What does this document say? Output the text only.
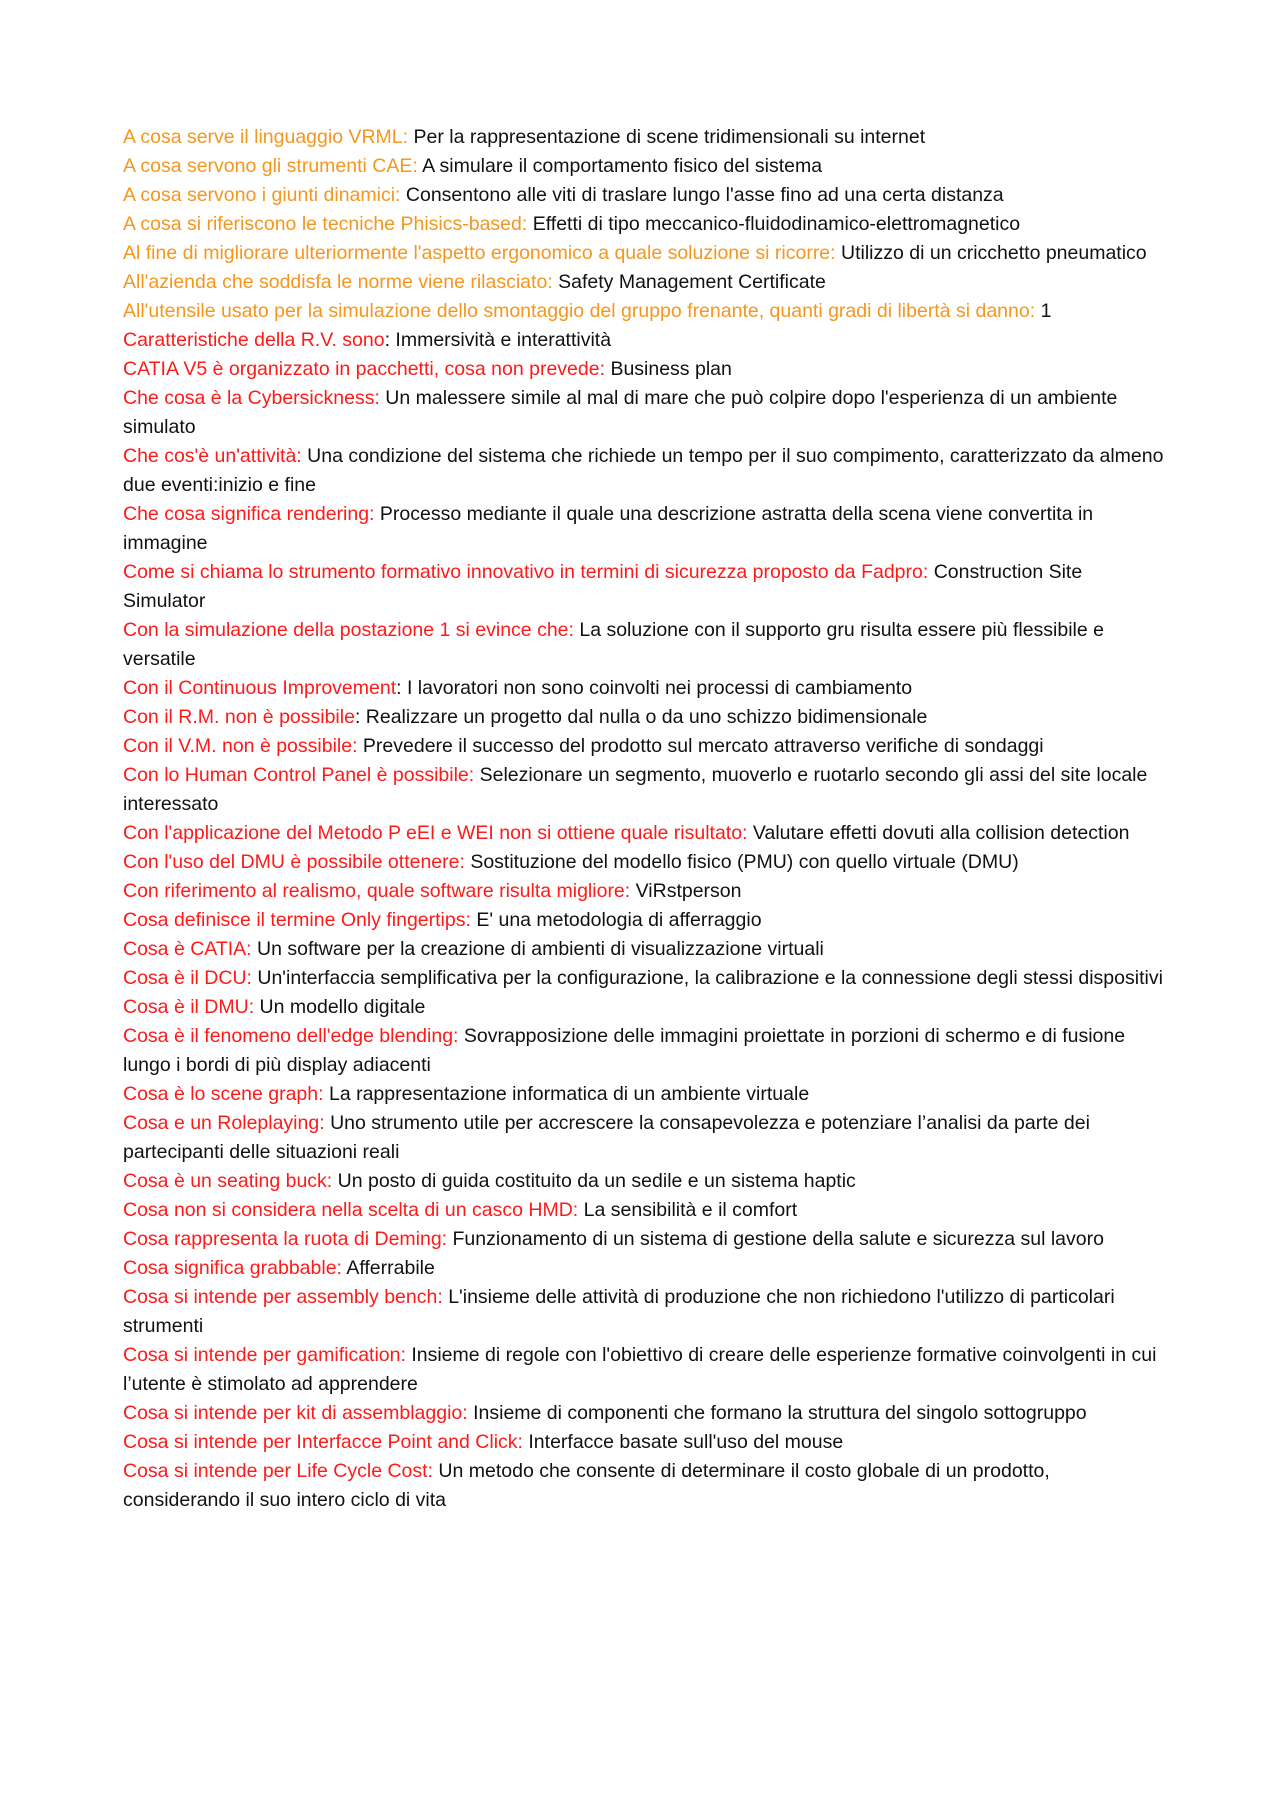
A cosa serve il linguaggio VRML: Per la rappresentazione di scene tridimensionali su internet

A cosa servono gli strumenti CAE: A simulare il comportamento fisico del sistema

A cosa servono i giunti dinamici: Consentono alle viti di traslare lungo l'asse fino ad una certa distanza

A cosa si riferiscono le tecniche Phisics-based: Effetti di tipo meccanico-fluidodinamico-elettromagnetico

Al fine di migliorare ulteriormente l'aspetto ergonomico a quale soluzione si ricorre: Utilizzo di un cricchetto pneumatico

All'azienda che soddisfa le norme viene rilasciato: Safety Management Certificate

All'utensile usato per la simulazione dello smontaggio del gruppo frenante, quanti gradi di libertà si danno: 1

Caratteristiche della R.V. sono: Immersività e interattività

CATIA V5 è organizzato in pacchetti, cosa non prevede: Business plan

Che cosa è la Cybersickness: Un malessere simile al mal di mare che può colpire dopo l'esperienza di un ambiente simulato

Che cos'è un'attività: Una condizione del sistema che richiede un tempo per il suo compimento, caratterizzato da almeno due eventi:inizio e fine

Che cosa significa rendering: Processo mediante il quale una descrizione astratta della scena viene convertita in immagine

Come si chiama lo strumento formativo innovativo in termini di sicurezza proposto da Fadpro: Construction Site Simulator

Con la simulazione della postazione 1 si evince che: La soluzione con il supporto gru risulta essere più flessibile e versatile

Con il Continuous Improvement: I lavoratori non sono coinvolti nei processi di cambiamento

Con il R.M. non è possibile: Realizzare un progetto dal nulla o da uno schizzo bidimensionale

Con il V.M. non è possibile: Prevedere il successo del prodotto sul mercato attraverso verifiche di sondaggi

Con lo Human Control Panel è possibile: Selezionare un segmento, muoverlo e ruotarlo secondo gli assi del site locale interessato

Con l'applicazione del Metodo P eEI e WEI non si ottiene quale risultato: Valutare effetti dovuti alla collision detection

Con l'uso del DMU è possibile ottenere: Sostituzione del modello fisico (PMU) con quello virtuale (DMU)

Con riferimento al realismo, quale software risulta migliore: ViRstperson

Cosa definisce il termine Only fingertips: E' una metodologia di afferraggio

Cosa è CATIA: Un software per la creazione di ambienti di visualizzazione virtuali

Cosa è il DCU: Un'interfaccia semplificativa per la configurazione, la calibrazione e la connessione degli stessi dispositivi

Cosa è il DMU: Un modello digitale

Cosa è il fenomeno dell'edge blending: Sovrapposizione delle immagini proiettate in porzioni di schermo e di fusione lungo i bordi di più display adiacenti

Cosa è lo scene graph: La rappresentazione informatica di un ambiente virtuale

Cosa e un Roleplaying: Uno strumento utile per accrescere la consapevolezza e potenziare l’analisi da parte dei partecipanti delle situazioni reali

Cosa è un seating buck: Un posto di guida costituito da un sedile e un sistema haptic

Cosa non si considera nella scelta di un casco HMD: La sensibilità e il comfort

Cosa rappresenta la ruota di Deming: Funzionamento di un sistema di gestione della salute e sicurezza sul lavoro

Cosa significa grabbable: Afferrabile

Cosa si intende per assembly bench: L'insieme delle attività di produzione che non richiedono l'utilizzo di particolari strumenti

Cosa si intende per gamification: Insieme di regole con l'obiettivo di creare delle esperienze formative coinvolgenti in cui l’utente è stimolato ad apprendere

Cosa si intende per kit di assemblaggio: Insieme di componenti che formano la struttura del singolo sottogruppo

Cosa si intende per Interfacce Point and Click: Interfacce basate sull'uso del mouse

Cosa si intende per Life Cycle Cost: Un metodo che consente di determinare il costo globale di un prodotto, considerando il suo intero ciclo di vita
